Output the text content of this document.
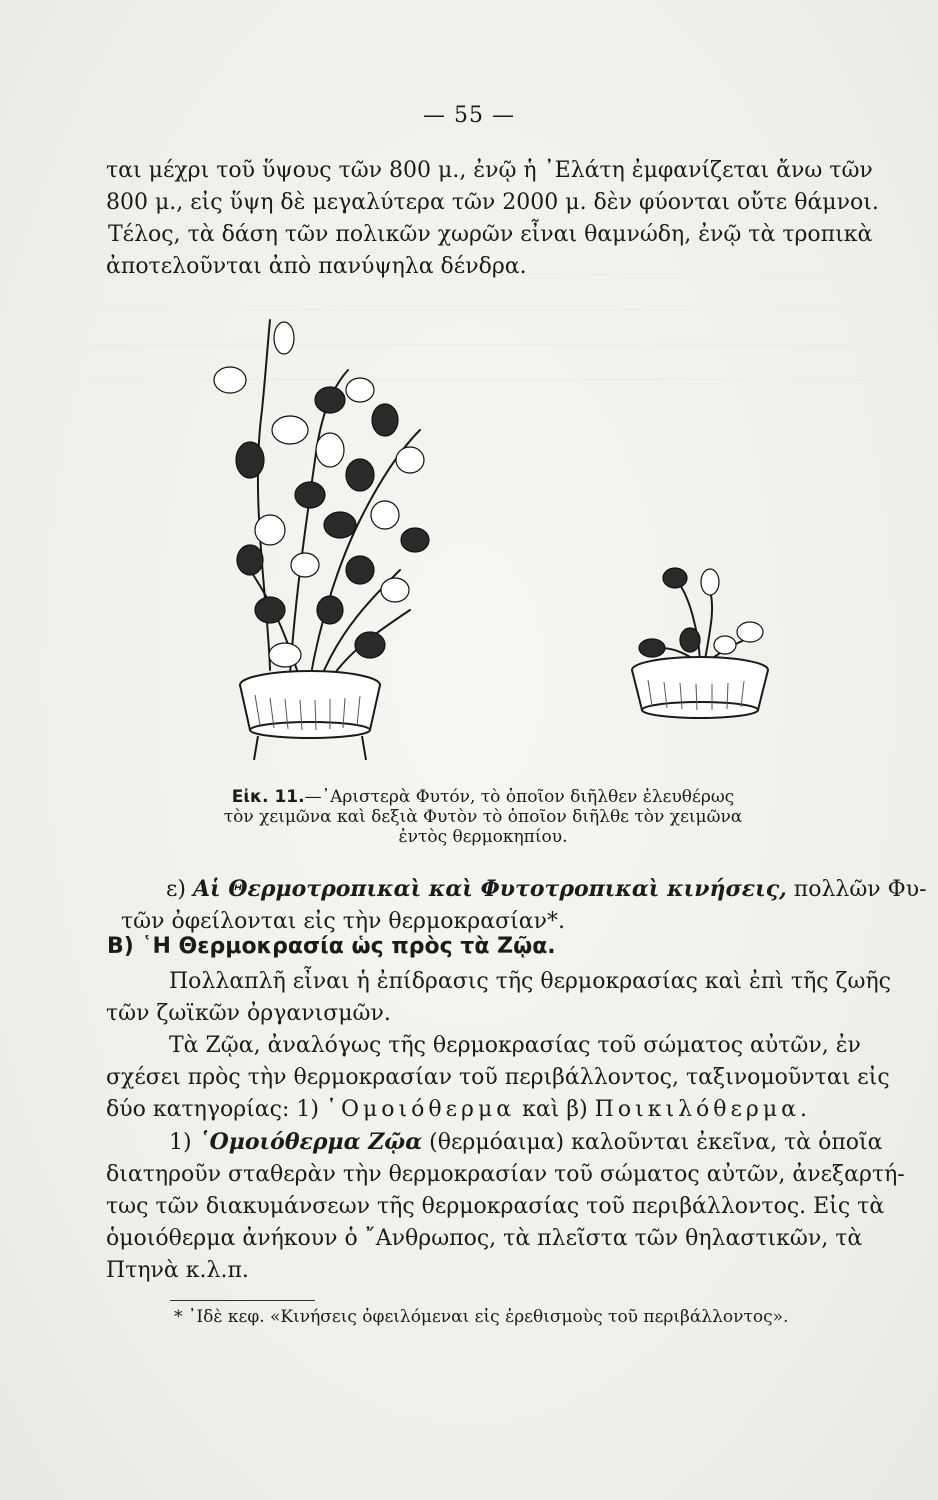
— 55 —

ται μέχρι τοῦ ὕψους τῶν 800 μ., ἐνῷ ἡ ᾿Ελάτη ἐμφανίζεται ἄνω τῶν
800 μ., εἰς ὕψη δὲ μεγαλύτερα τῶν 2000 μ. δὲν φύονται οὔτε θάμνοι.
Τέλος, τὰ δάση τῶν πολικῶν χωρῶν εἶναι θαμνώδη, ἐνῷ τὰ τροπικὰ
ἀποτελοῦνται ἀπὸ πανύψηλα δένδρα.

Εἰκ. 11.—᾿Αριστερὰ Φυτόν, τὸ ὁποῖον διῆλθεν ἐλευθέρως
τὸν χειμῶνα καὶ δεξιὰ Φυτὸν τὸ ὁποῖον διῆλθε τὸν χειμῶνα
ἐντὸς θερμοκηπίου.

ε) Αἱ Θερμοτροπικαὶ καὶ Φυτοτροπικαὶ κινήσεις, πολλῶν Φυ-
τῶν ὀφείλονται εἰς τὴν θερμοκρασίαν*.

Β) ῾Η Θερμοκρασία ὡς πρὸς τὰ Ζῷα.

Πολλαπλῆ εἶναι ἡ ἐπίδρασις τῆς θερμοκρασίας καὶ ἐπὶ τῆς ζωῆς
τῶν ζωϊκῶν ὀργανισμῶν.
Τὰ Ζῷα, ἀναλόγως τῆς θερμοκρασίας τοῦ σώματος αὐτῶν, ἐν
σχέσει πρὸς τὴν θερμοκρασίαν τοῦ περιβάλλοντος, ταξινομοῦνται εἰς
δύο κατηγορίας: 1) ῾Ομοιόθερμα καὶ β) Ποικιλόθερμα.

1) ῾Ομοιόθερμα Ζῷα (θερμόαιμα) καλοῦνται ἐκεῖνα, τὰ ὁποῖα
διατηροῦν σταθερὰν τὴν θερμοκρασίαν τοῦ σώματος αὐτῶν, ἀνεξαρτή-
τως τῶν διακυμάνσεων τῆς θερμοκρασίας τοῦ περιβάλλοντος. Εἰς τὰ
ὁμοιόθερμα ἀνήκουν ὁ ῎Ανθρωπος, τὰ πλεῖστα τῶν θηλαστικῶν, τὰ
Πτηνὰ κ.λ.π.

* ᾿Ιδὲ κεφ. «Κινήσεις ὀφειλόμεναι εἰς ἐρεθισμοὺς τοῦ περιβάλλοντος».
